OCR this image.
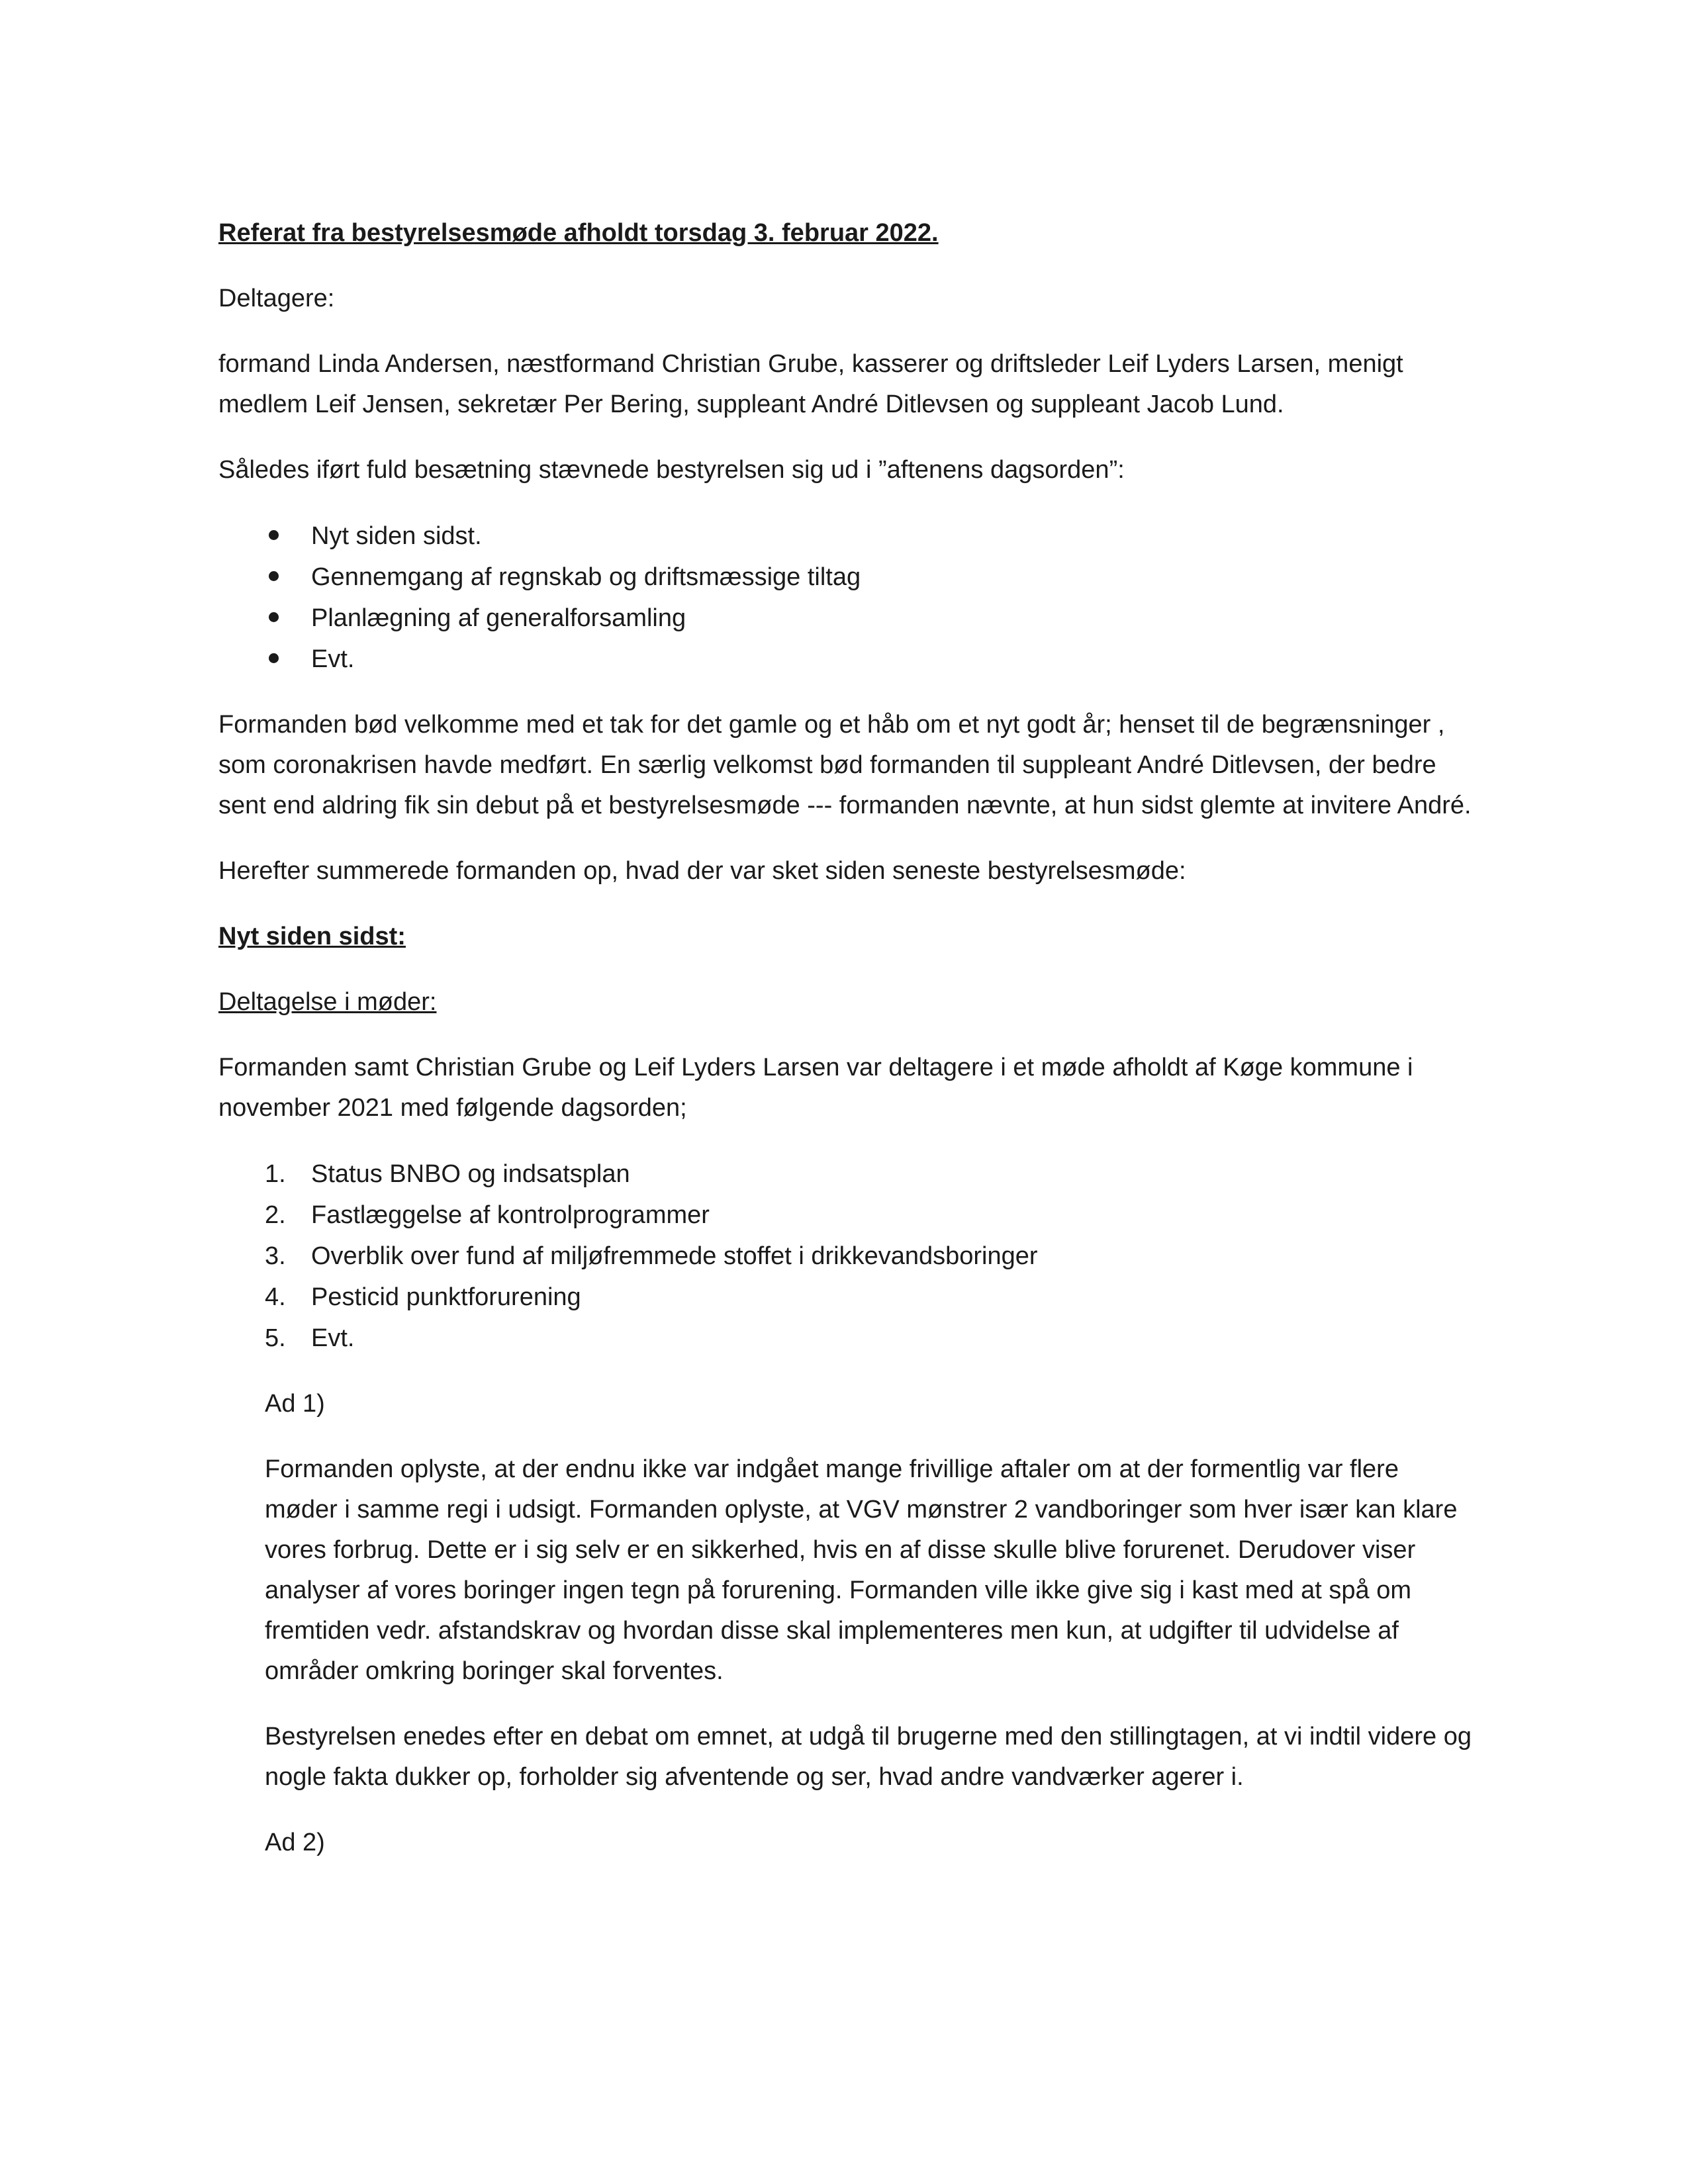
Referat fra bestyrelsesmøde afholdt torsdag 3. februar 2022.

Deltagere:

formand Linda Andersen, næstformand Christian Grube, kasserer og driftsleder Leif Lyders Larsen, menigt medlem Leif Jensen, sekretær Per Bering, suppleant André Ditlevsen og suppleant Jacob Lund.

Således iført fuld besætning stævnede bestyrelsen sig ud i ”aftenens dagsorden”:

Nyt siden sidst.
Gennemgang af regnskab og driftsmæssige tiltag
Planlægning af generalforsamling
Evt.

Formanden bød velkomme med et tak for det gamle og et håb om et nyt godt år; henset til de begrænsninger , som coronakrisen havde medført. En særlig velkomst bød formanden til suppleant André Ditlevsen, der bedre sent end aldring fik sin debut på et bestyrelsesmøde --- formanden nævnte, at hun sidst glemte at invitere André.

Herefter summerede formanden op, hvad der var sket siden seneste bestyrelsesmøde:

Nyt siden sidst:

Deltagelse i møder:

Formanden samt Christian Grube og Leif Lyders Larsen var deltagere i et møde afholdt af Køge kommune i november 2021 med følgende dagsorden;

1. Status BNBO og indsatsplan
2. Fastlæggelse af kontrolprogrammer
3. Overblik over fund af miljøfremmede stoffet i drikkevandsboringer
4. Pesticid punktforurening
5. Evt.

Ad 1)

Formanden oplyste, at der endnu ikke var indgået mange frivillige aftaler om at der formentlig var flere møder i samme regi i udsigt. Formanden oplyste, at VGV mønstrer 2 vandboringer som hver især kan klare vores forbrug. Dette er i sig selv er en sikkerhed, hvis en af disse skulle blive forurenet. Derudover viser analyser af vores boringer ingen tegn på forurening. Formanden ville ikke give sig i kast med at spå om fremtiden vedr. afstandskrav og hvordan disse skal implementeres men kun, at udgifter til udvidelse af områder omkring boringer skal forventes.

Bestyrelsen enedes efter en debat om emnet, at udgå til brugerne med den stillingtagen, at vi indtil videre og nogle fakta dukker op, forholder sig afventende og ser, hvad andre vandværker agerer i.

Ad 2)
